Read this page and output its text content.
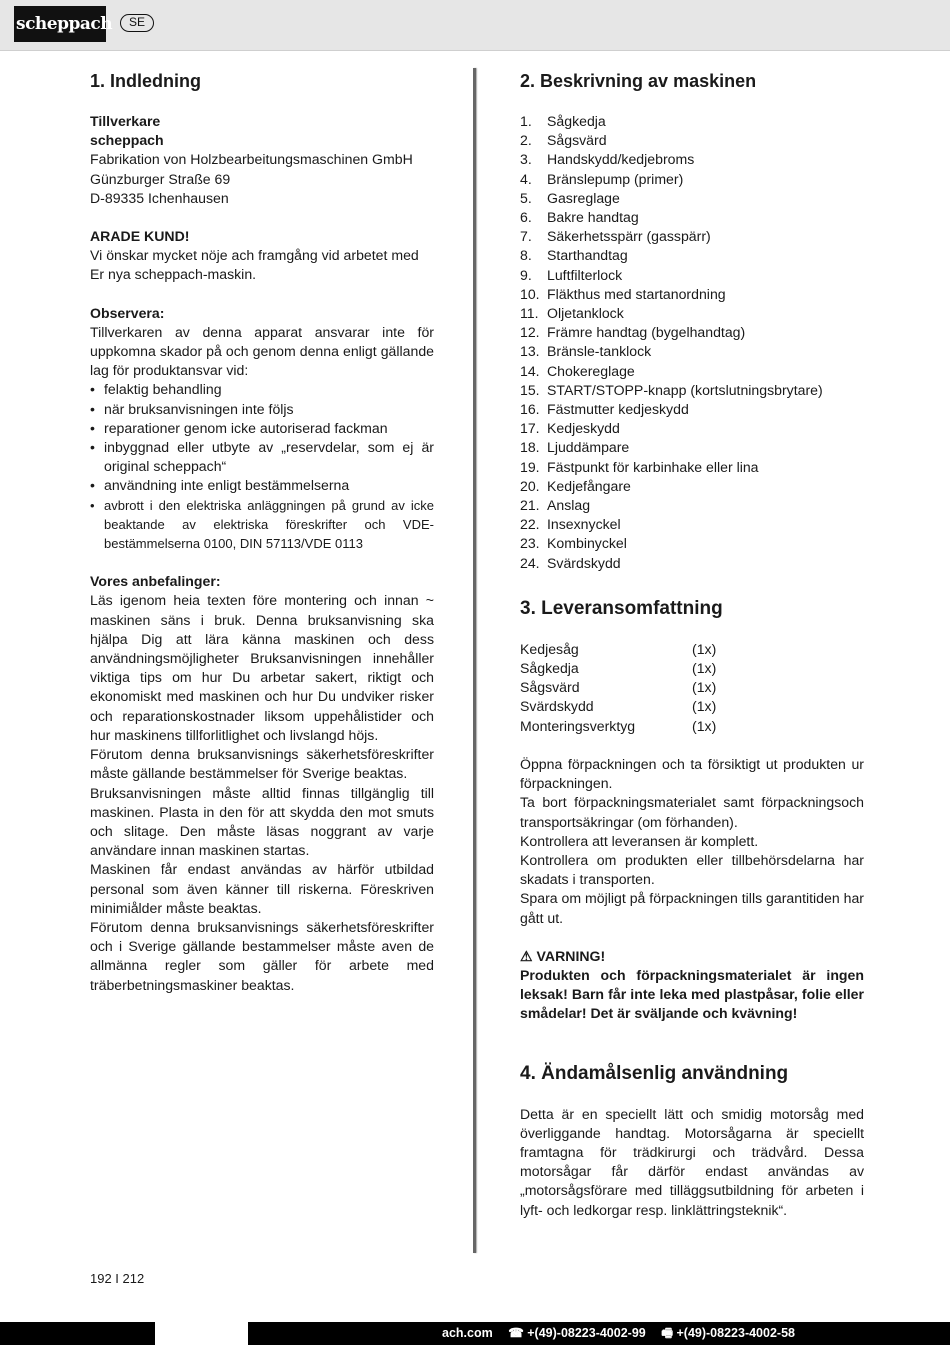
scheppach	SE
1. Indledning

Tillverkare

scheppach

Fabrikation von Holzbearbeitungsmaschinen GmbH

Günzburger Straße 69

D-89335 Ichenhausen

ARADE KUND!

Vi önskar mycket nöje ach framgång vid arbetet med Er nya scheppach-maskin.

Observera:

Tillverkaren av denna apparat ansvarar inte för uppkomna skador på och genom denna enligt gällande lag för produktansvar vid:

• felaktig behandling
• när bruksanvisningen inte följs
• reparationer genom icke autoriserad fackman
• inbyggnad eller utbyte av „reservdelar, som ej är original scheppach“
• användning inte enligt bestämmelserna
• avbrott i den elektriska anläggningen på grund av icke beaktande av elektriska föreskrifter och VDE-bestämmelserna 0100, DIN 57113/VDE 0113

Vores anbefalinger:

Läs igenom heia texten före montering och innan ~ maskinen säns i bruk. Denna bruksanvisning ska hjälpa Dig att lära känna maskinen och dess användningsmöjligheter Bruksanvisningen innehåller viktiga tips om hur Du arbetar sakert, riktigt och ekonomiskt med maskinen och hur Du undviker risker och reparationskostnader liksom uppehålistider och hur maskinens tillforlitlighet och livslangd höjs.

Förutom denna bruksanvisnings säkerhetsföreskrifter måste gällande bestämmelser för Sverige beaktas.

Bruksanvisningen måste alltid finnas tillgänglig till maskinen. Plasta in den för att skydda den mot smuts och slitage. Den måste läsas noggrant av varje användare innan maskinen startas.

Maskinen får endast användas av härför utbildad personal som även känner till riskerna. Föreskriven minimiålder måste beaktas.

Förutom denna bruksanvisnings säkerhetsföreskrifter och i Sverige gällande bestammelser måste aven de allmänna regler som gäller för arbete med träberbetningsmaskiner beaktas.

2. Beskrivning av maskinen
1.	Sågkedja
2.	Sågsvärd
3.	Handskydd/kedjebroms
4.	Bränslepump (primer)
5.	Gasreglage
6.	Bakre handtag
7.	Säkerhetsspärr (gasspärr)
8.	Starthandtag
9.	Luftfilterlock
10. Fläkthus med startanordning
11. Oljetanklock
12. Främre handtag (bygelhandtag)
13. Bränsle-tanklock
14. Chokereglage
15. START/STOPP-knapp (kortslutningsbrytare)
16. Fästmutter kedjeskydd
17. Kedjeskydd
18. Ljuddämpare
19. Fästpunkt för karbinhake eller lina
20. Kedjefångare
21. Anslag
22. Insexnyckel
23. Kombinyckel
24. Svärdskydd
3. Leveransomfattning
Kedjesåg	(1x)
Sågkedja	(1x)
Sågsvärd	(1x)
Svärdskydd	(1x)
Monteringsverktyg	(1x)

Öppna förpackningen och ta försiktigt ut produkten ur förpackningen.

Ta bort förpackningsmaterialet samt förpackningsoch transportsäkringar (om förhanden).

Kontrollera att leveransen är komplett.

Kontrollera om produkten eller tillbehörsdelarna har skadats i transporten.

Spara om möjligt på förpackningen tills garantitiden har gått ut.

⚠ VARNING!

Produkten och förpackningsmaterialet är ingen leksak! Barn får inte leka med plastpåsar, folie eller smådelar! Det är sväljande och kvävning!

4. Ändamålsenlig användning

Detta är en speciellt lätt och smidig motorsåg med överliggande handtag. Motorsågarna är speciellt framtagna för trädkirurgi och trädvård. Dessa motorsågar får därför endast användas av „motorsågsförare med tilläggsutbildning för arbeten i lyft- och ledkorgar resp. linklättringsteknik“.

192 I 212
ach.com ☎ +(49)-08223-4002-99 🖷 +(49)-08223-4002-58
